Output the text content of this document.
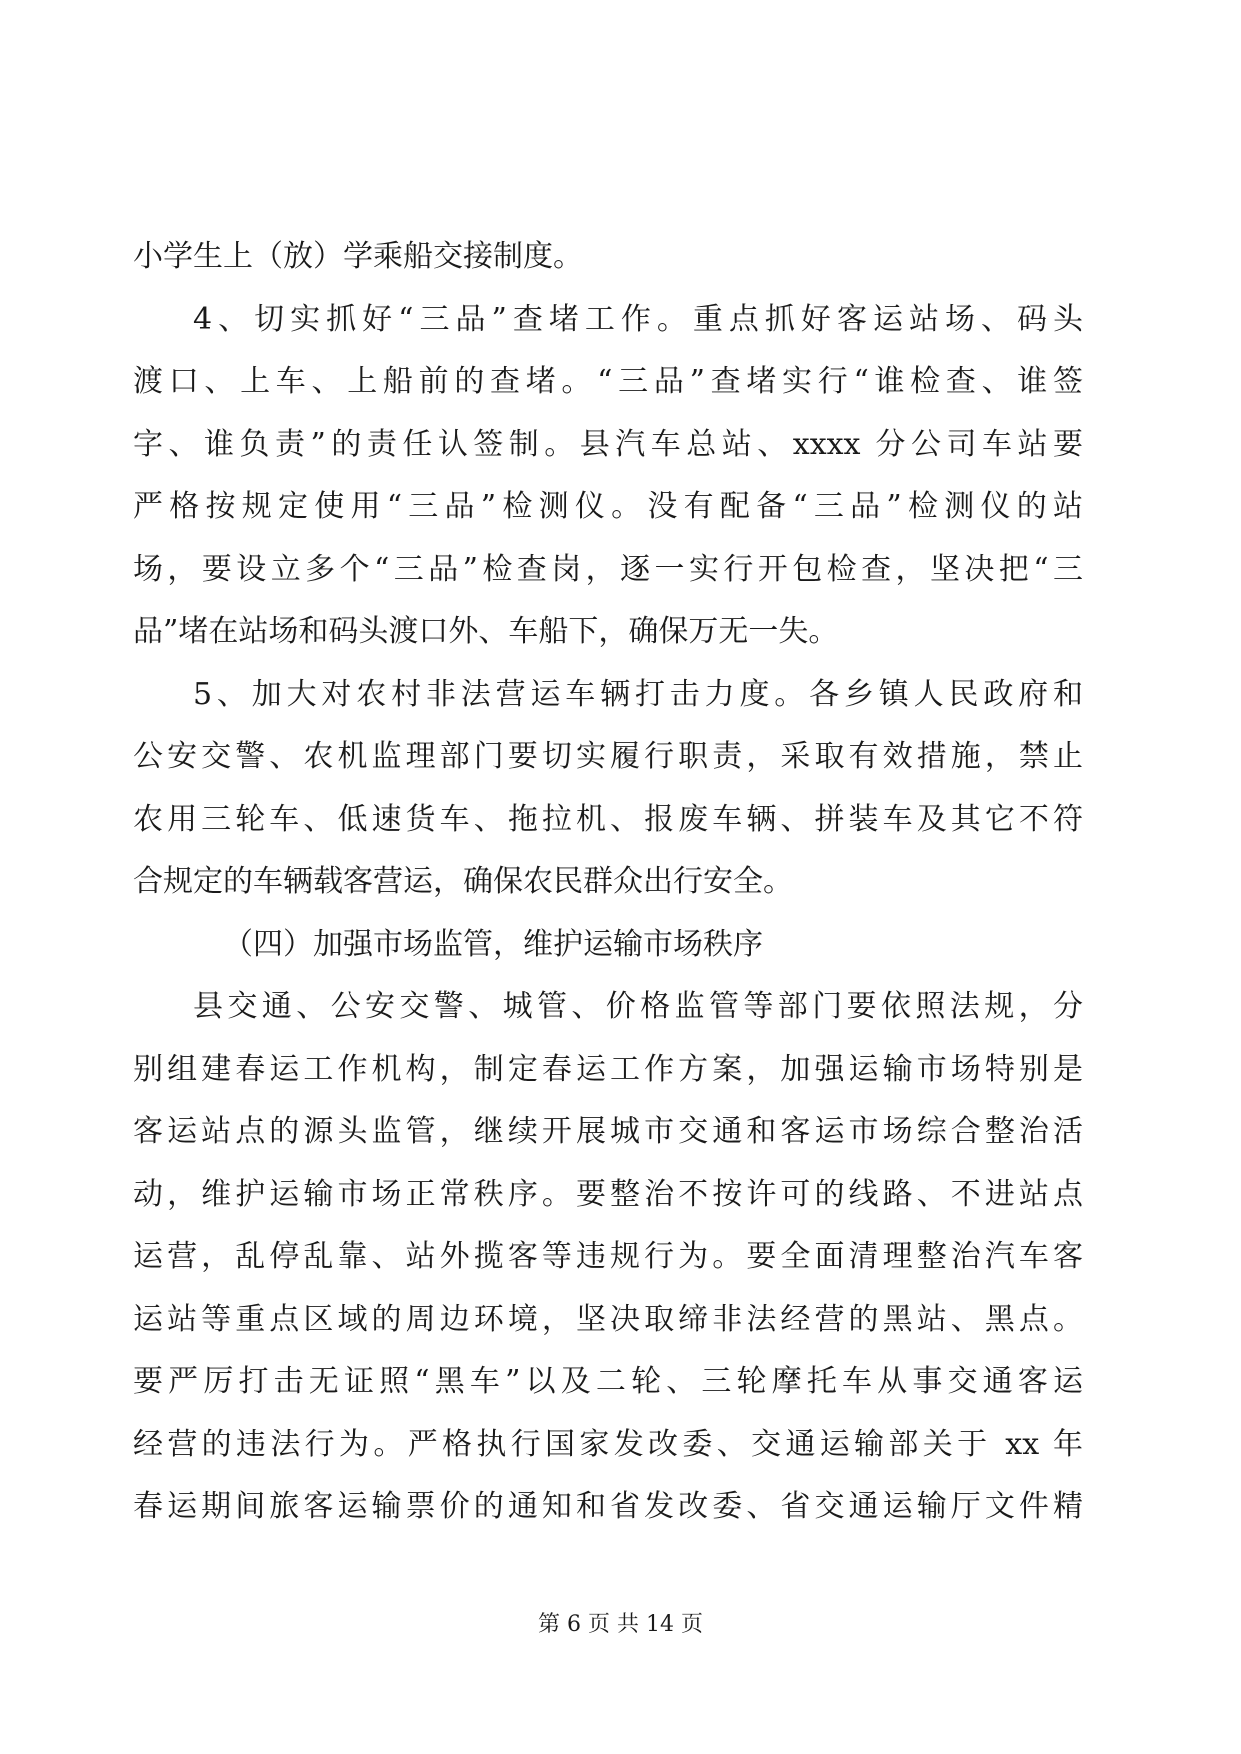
小学生上（放）学乘船交接制度。
4、切实抓好“三品”查堵工作。重点抓好客运站场、码头
渡口、上车、上船前的查堵。“三品”查堵实行“谁检查、谁签
字、谁负责”的责任认签制。县汽车总站、xxxx 分公司车站要
严格按规定使用“三品”检测仪。没有配备“三品”检测仪的站
场，要设立多个“三品”检查岗，逐一实行开包检查，坚决把“三
品”堵在站场和码头渡口外、车船下，确保万无一失。
5、加大对农村非法营运车辆打击力度。各乡镇人民政府和
公安交警、农机监理部门要切实履行职责，采取有效措施，禁止
农用三轮车、低速货车、拖拉机、报废车辆、拼装车及其它不符
合规定的车辆载客营运，确保农民群众出行安全。
（四）加强市场监管，维护运输市场秩序
县交通、公安交警、城管、价格监管等部门要依照法规，分
别组建春运工作机构，制定春运工作方案，加强运输市场特别是
客运站点的源头监管，继续开展城市交通和客运市场综合整治活
动，维护运输市场正常秩序。要整治不按许可的线路、不进站点
运营，乱停乱靠、站外揽客等违规行为。要全面清理整治汽车客
运站等重点区域的周边环境，坚决取缔非法经营的黑站、黑点。
要严厉打击无证照“黑车”以及二轮、三轮摩托车从事交通客运
经营的违法行为。严格执行国家发改委、交通运输部关于 xx 年
春运期间旅客运输票价的通知和省发改委、省交通运输厅文件精
第 6 页 共 14 页
